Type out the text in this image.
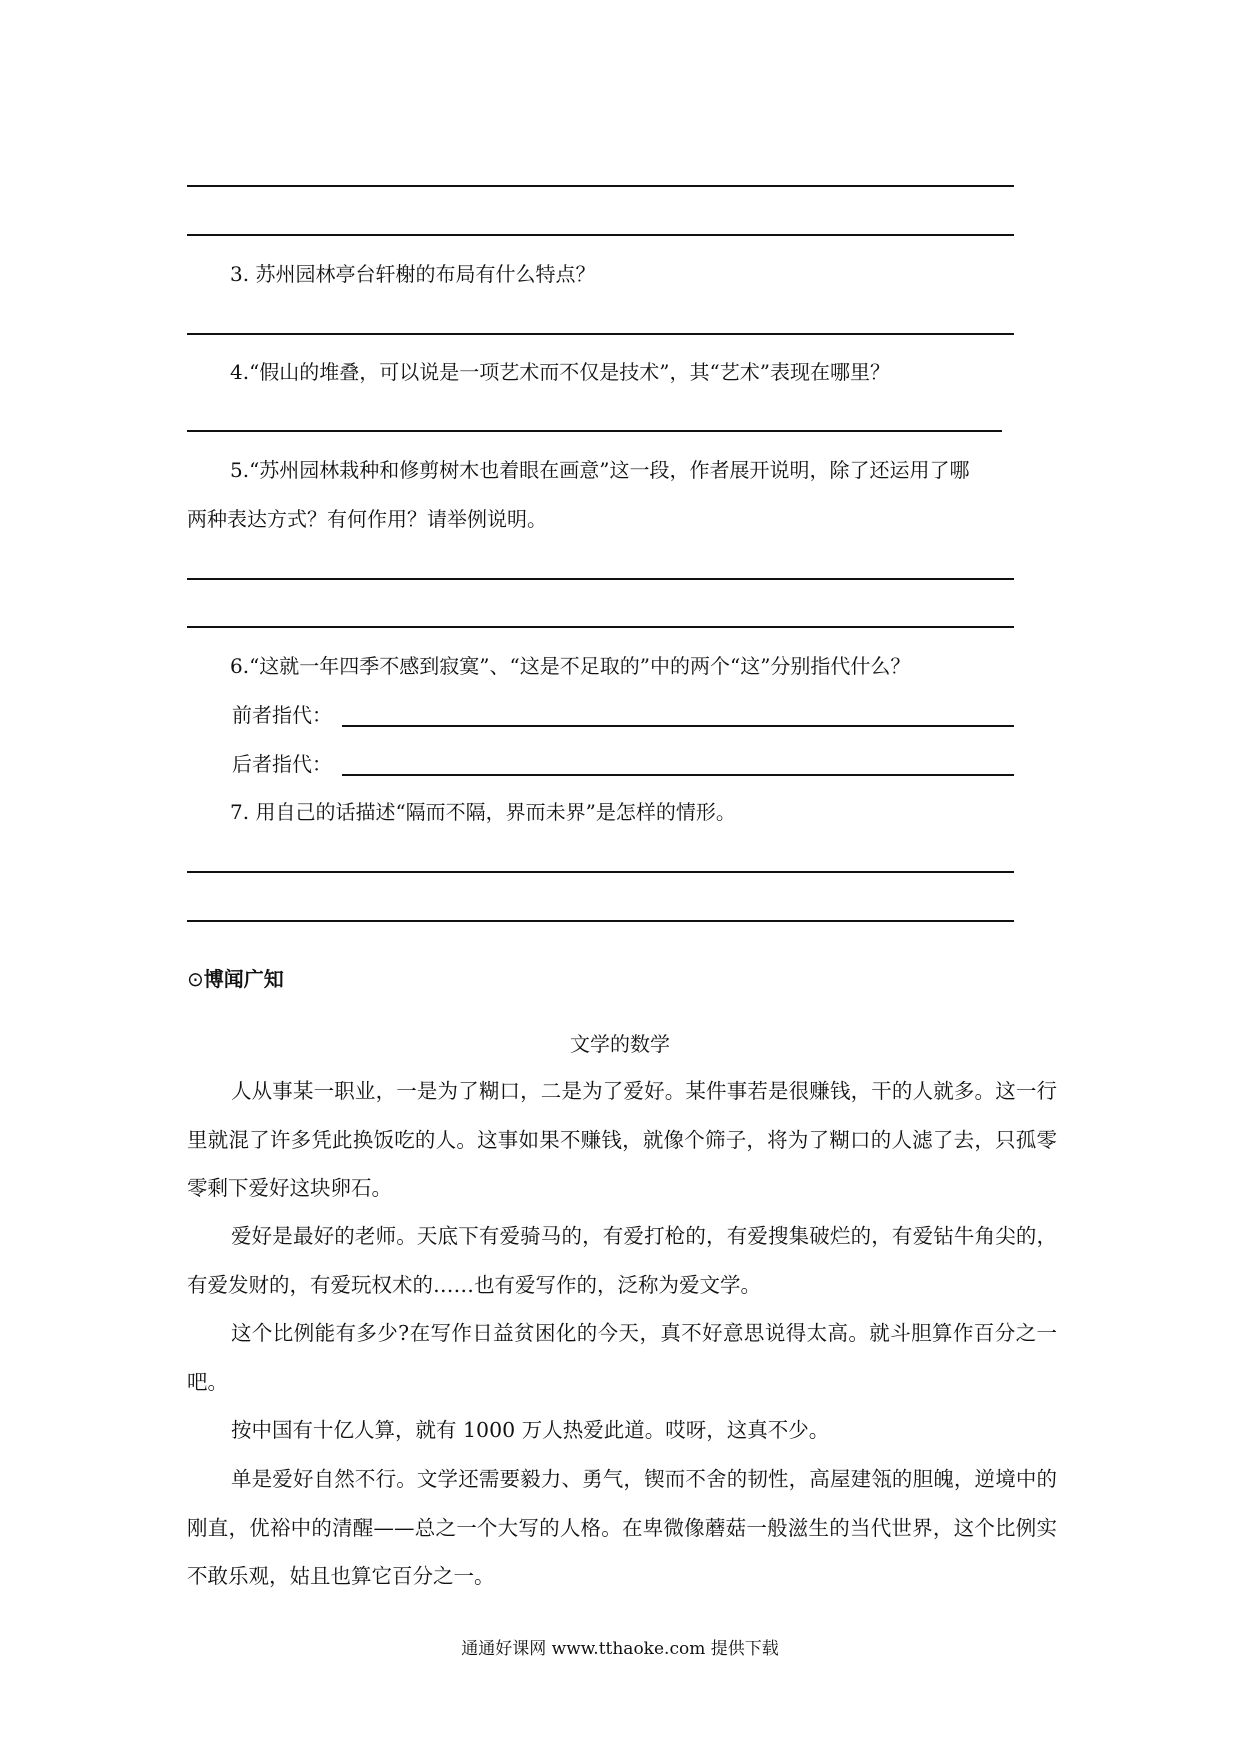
3. 苏州园林亭台轩榭的布局有什么特点？
4.“假山的堆叠，可以说是一项艺术而不仅是技术”，其“艺术”表现在哪里？
5.“苏州园林栽种和修剪树木也着眼在画意”这一段，作者展开说明，除了还运用了哪
两种表达方式？有何作用？请举例说明。
6.“这就一年四季不感到寂寞”、“这是不足取的”中的两个“这”分别指代什么？
前者指代：
后者指代：
7. 用自己的话描述“隔而不隔，界而未界”是怎样的情形。
⊙博闻广知
文学的数学
人从事某一职业，一是为了糊口，二是为了爱好。某件事若是很赚钱，干的人就多。这一行里就混了许多凭此换饭吃的人。这事如果不赚钱，就像个筛子，将为了糊口的人滤了去，只孤零零剩下爱好这块卵石。
爱好是最好的老师。天底下有爱骑马的，有爱打枪的，有爱搜集破烂的，有爱钻牛角尖的，有爱发财的，有爱玩权术的……也有爱写作的，泛称为爱文学。
这个比例能有多少?在写作日益贫困化的今天，真不好意思说得太高。就斗胆算作百分之一吧。
按中国有十亿人算，就有 1000 万人热爱此道。哎呀，这真不少。
单是爱好自然不行。文学还需要毅力、勇气，锲而不舍的韧性，高屋建瓴的胆魄，逆境中的刚直，优裕中的清醒——总之一个大写的人格。在卑微像蘑菇一般滋生的当代世界，这个比例实不敢乐观，姑且也算它百分之一。
通通好课网 www.tthaoke.com 提供下载
